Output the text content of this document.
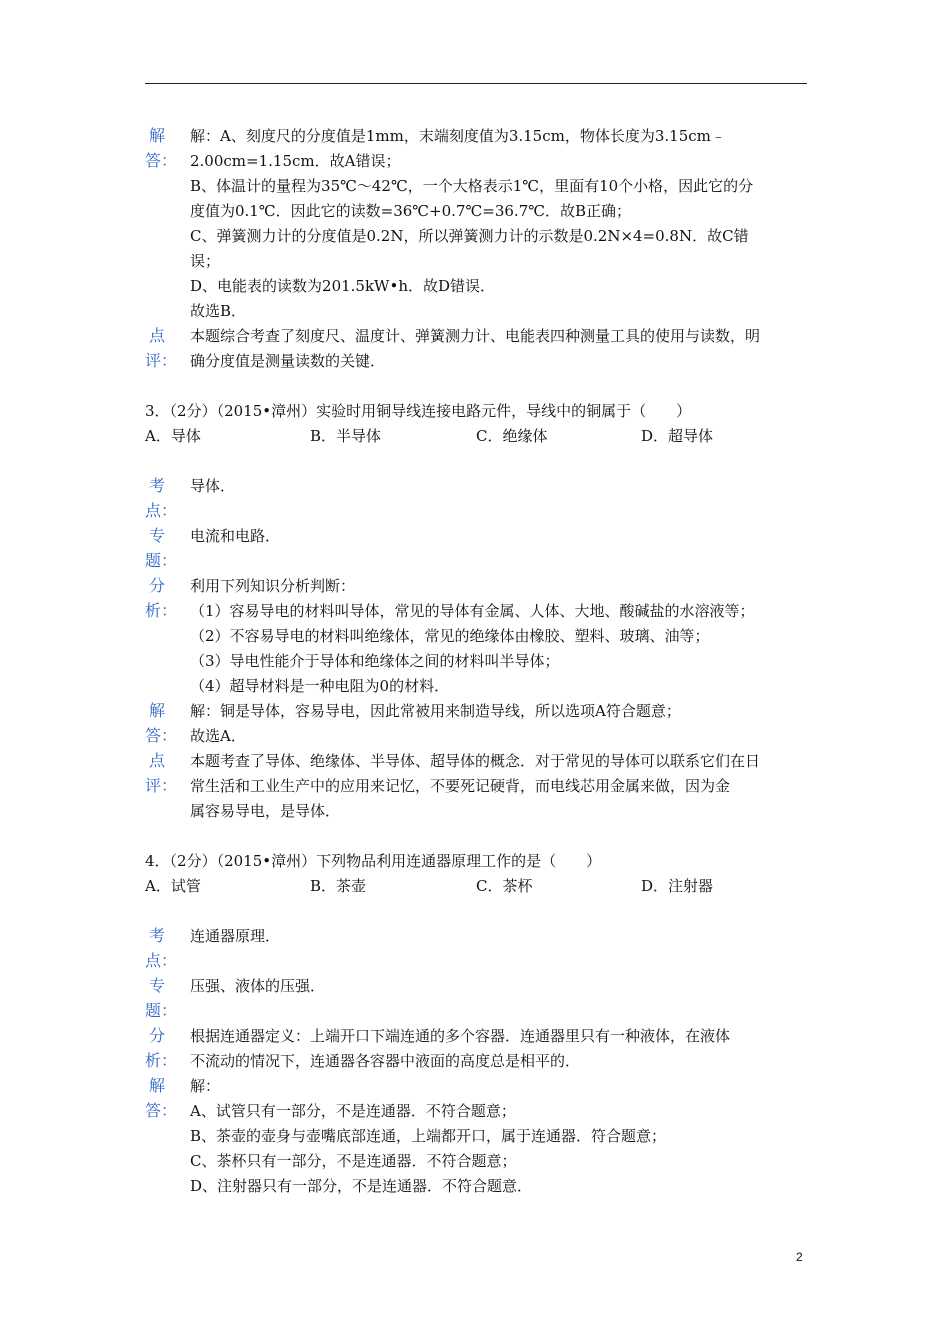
解
答：
解：A、刻度尺的分度值是1mm，末端刻度值为3.15cm，物体长度为3.15cm﹣
2.00cm=1.15cm．故A错误；
B、体温计的量程为35℃～42℃，一个大格表示1℃，里面有10个小格，因此它的分
度值为0.1℃．因此它的读数=36℃+0.7℃=36.7℃．故B正确；
C、弹簧测力计的分度值是0.2N，所以弹簧测力计的示数是0.2N×4=0.8N．故C错
误；
D、电能表的读数为201.5kW•h．故D错误．
故选B．
点
评：
本题综合考查了刻度尺、温度计、弹簧测力计、电能表四种测量工具的使用与读数，明
确分度值是测量读数的关键．
3．（2分）（2015•漳州）实验时用铜导线连接电路元件，导线中的铜属于（　　）
A．导体	B．半导体	C．绝缘体	D．超导体
考
点：
导体．
专
题：
电流和电路．
分
析：
利用下列知识分析判断：
（1）容易导电的材料叫导体，常见的导体有金属、人体、大地、酸碱盐的水溶液等；
（2）不容易导电的材料叫绝缘体，常见的绝缘体由橡胶、塑料、玻璃、油等；
（3）导电性能介于导体和绝缘体之间的材料叫半导体；
（4）超导材料是一种电阻为0的材料．
解
答：
解：铜是导体，容易导电，因此常被用来制造导线，所以选项A符合题意；
故选A．
点
评：
本题考查了导体、绝缘体、半导体、超导体的概念．对于常见的导体可以联系它们在日
常生活和工业生产中的应用来记忆，不要死记硬背，而电线芯用金属来做，因为金
属容易导电，是导体．
4．（2分）（2015•漳州）下列物品利用连通器原理工作的是（　　）
A．试管	B．茶壶	C．茶杯	D．注射器
考
点：
连通器原理．
专
题：
压强、液体的压强．
分
析：
根据连通器定义：上端开口下端连通的多个容器．连通器里只有一种液体，在液体
不流动的情况下，连通器各容器中液面的高度总是相平的．
解
答：
解：
A、试管只有一部分，不是连通器．不符合题意；
B、茶壶的壶身与壶嘴底部连通，上端都开口，属于连通器．符合题意；
C、茶杯只有一部分，不是连通器．不符合题意；
D、注射器只有一部分，不是连通器．不符合题意．
2
